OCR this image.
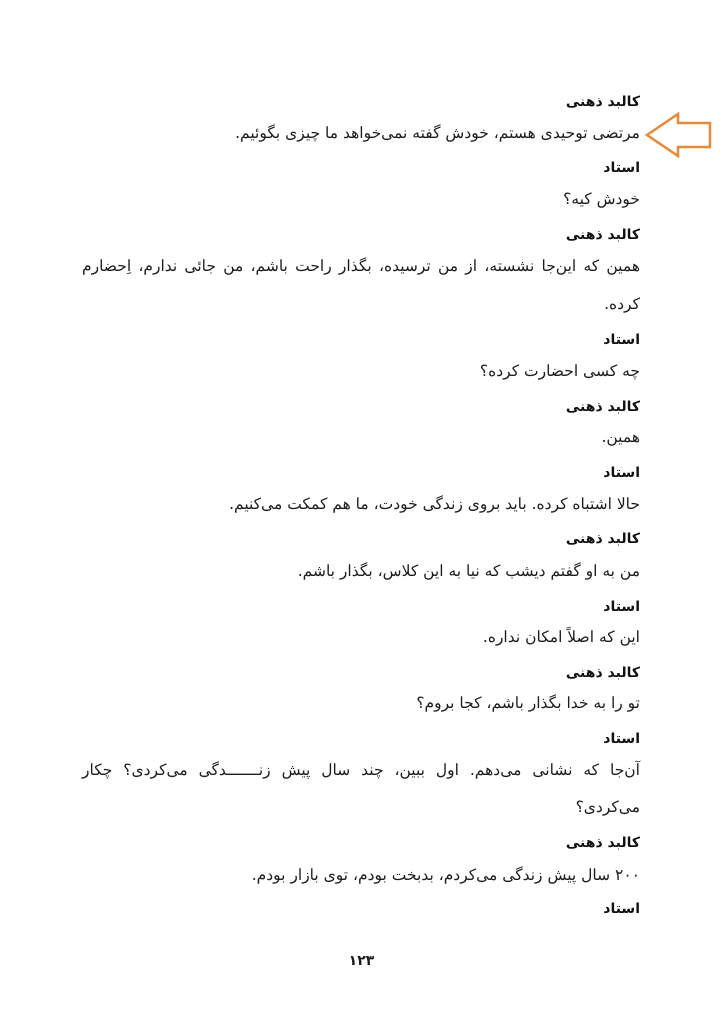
کالبد ذهنی
مرتضی توحیدی هستم، خودش گفته نمی‌خواهد ما چیزی بگوئیم.
استاد
خودش کیه؟
کالبد ذهنی
همین که این‌جا نشسته، از من ترسیده، بگذار راحت باشم، من جائی ندارم، اِحضارم
کرده.
استاد
چه کسی احضارت کرده؟
کالبد ذهنی
همین.
استاد
حالا اشتباه کرده. باید بروی زندگی خودت، ما هم کمکت می‌کنیم.
کالبد ذهنی
من به او گفتم دیشب که نیا به این کلاس، بگذار باشم.
استاد
این که اصلاً امکان نداره.
کالبد ذهنی
تو را به خدا بگذار باشم، کجا بروم؟
استاد
آن‌جا که نشانی می‌دهم. اول ببین، چند سال پیش زنـــــــدگی می‌کردی؟ چکار
می‌کردی؟
کالبد ذهنی
۲۰۰ سال پیش زندگی می‌کردم، بدبخت بودم، توی بازار بودم.
استاد
۱۲۳
